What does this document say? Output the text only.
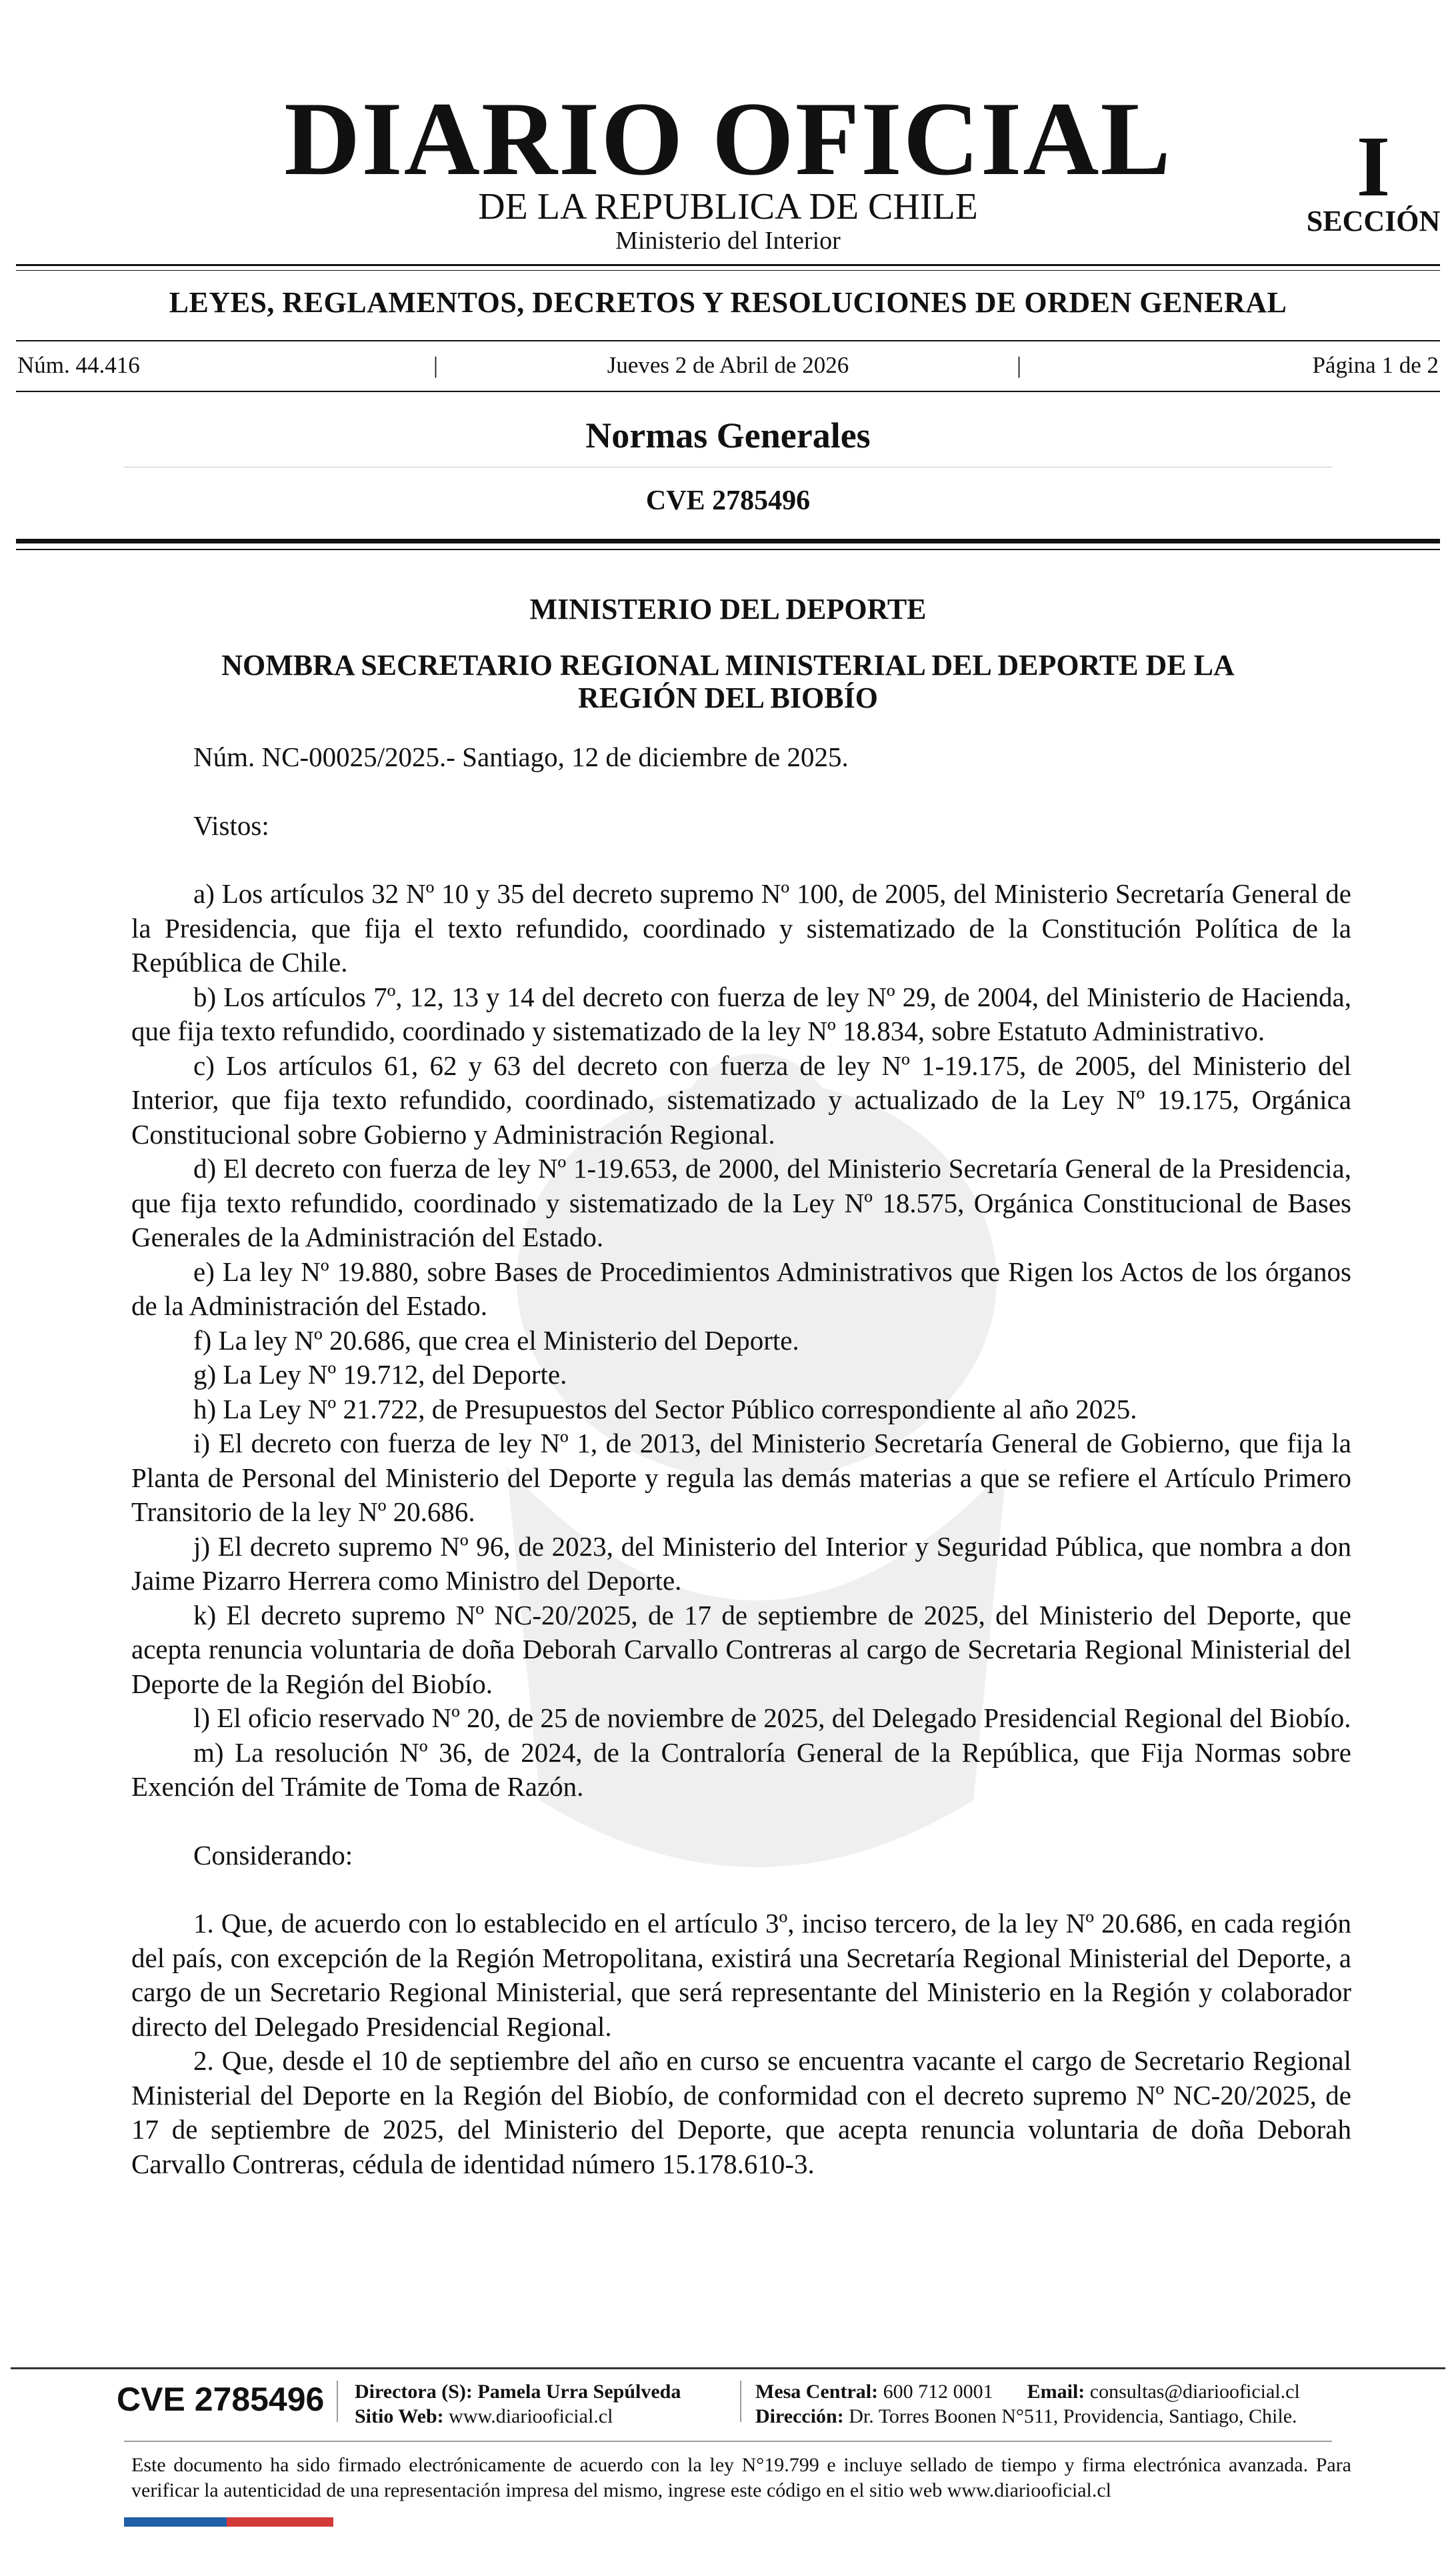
DIARIO OFICIAL
DE LA REPUBLICA DE CHILE
Ministerio del Interior
I
SECCIÓN
LEYES, REGLAMENTOS, DECRETOS Y RESOLUCIONES DE ORDEN GENERAL
Núm. 44.416	|	Jueves 2 de Abril de 2026	|	Página 1 de 2
Normas Generales
CVE 2785496
MINISTERIO DEL DEPORTE
NOMBRA SECRETARIO REGIONAL MINISTERIAL DEL DEPORTE DE LA
REGIÓN DEL BIOBÍO

Núm. NC-00025/2025.- Santiago, 12 de diciembre de 2025.

Vistos:

a) Los artículos 32 Nº 10 y 35 del decreto supremo Nº 100, de 2005, del Ministerio Secretaría General de la Presidencia, que fija el texto refundido, coordinado y sistematizado de la Constitución Política de la República de Chile.

b) Los artículos 7º, 12, 13 y 14 del decreto con fuerza de ley Nº 29, de 2004, del Ministerio de Hacienda, que fija texto refundido, coordinado y sistematizado de la ley Nº 18.834, sobre Estatuto Administrativo.

c) Los artículos 61, 62 y 63 del decreto con fuerza de ley Nº 1-19.175, de 2005, del Ministerio del Interior, que fija texto refundido, coordinado, sistematizado y actualizado de la Ley Nº 19.175, Orgánica Constitucional sobre Gobierno y Administración Regional.

d) El decreto con fuerza de ley Nº 1-19.653, de 2000, del Ministerio Secretaría General de la Presidencia, que fija texto refundido, coordinado y sistematizado de la Ley Nº 18.575, Orgánica Constitucional de Bases Generales de la Administración del Estado.

e) La ley Nº 19.880, sobre Bases de Procedimientos Administrativos que Rigen los Actos de los órganos de la Administración del Estado.

f) La ley Nº 20.686, que crea el Ministerio del Deporte.

g) La Ley Nº 19.712, del Deporte.

h) La Ley Nº 21.722, de Presupuestos del Sector Público correspondiente al año 2025.

i) El decreto con fuerza de ley Nº 1, de 2013, del Ministerio Secretaría General de Gobierno, que fija la Planta de Personal del Ministerio del Deporte y regula las demás materias a que se refiere el Artículo Primero Transitorio de la ley Nº 20.686.

j) El decreto supremo Nº 96, de 2023, del Ministerio del Interior y Seguridad Pública, que nombra a don Jaime Pizarro Herrera como Ministro del Deporte.

k) El decreto supremo Nº NC-20/2025, de 17 de septiembre de 2025, del Ministerio del Deporte, que acepta renuncia voluntaria de doña Deborah Carvallo Contreras al cargo de Secretaria Regional Ministerial del Deporte de la Región del Biobío.

l) El oficio reservado Nº 20, de 25 de noviembre de 2025, del Delegado Presidencial Regional del Biobío.

m) La resolución Nº 36, de 2024, de la Contraloría General de la República, que Fija Normas sobre Exención del Trámite de Toma de Razón.

Considerando:

1. Que, de acuerdo con lo establecido en el artículo 3º, inciso tercero, de la ley Nº 20.686, en cada región del país, con excepción de la Región Metropolitana, existirá una Secretaría Regional Ministerial del Deporte, a cargo de un Secretario Regional Ministerial, que será representante del Ministerio en la Región y colaborador directo del Delegado Presidencial Regional.

2. Que, desde el 10 de septiembre del año en curso se encuentra vacante el cargo de Secretario Regional Ministerial del Deporte en la Región del Biobío, de conformidad con el decreto supremo Nº NC-20/2025, de 17 de septiembre de 2025, del Ministerio del Deporte, que acepta renuncia voluntaria de doña Deborah Carvallo Contreras, cédula de identidad número 15.178.610-3.

CVE 2785496 Directora (S): Pamela Urra Sepúlveda
Sitio Web: www.diariooficial.cl
Mesa Central: 600 712 0001 Email: consultas@diariooficial.cl
Dirección: Dr. Torres Boonen N°511, Providencia, Santiago, Chile.
Este documento ha sido firmado electrónicamente de acuerdo con la ley N°19.799 e incluye sellado de tiempo y firma electrónica avanzada. Para verificar la autenticidad de una representación impresa del mismo, ingrese este código en el sitio web www.diariooficial.cl
